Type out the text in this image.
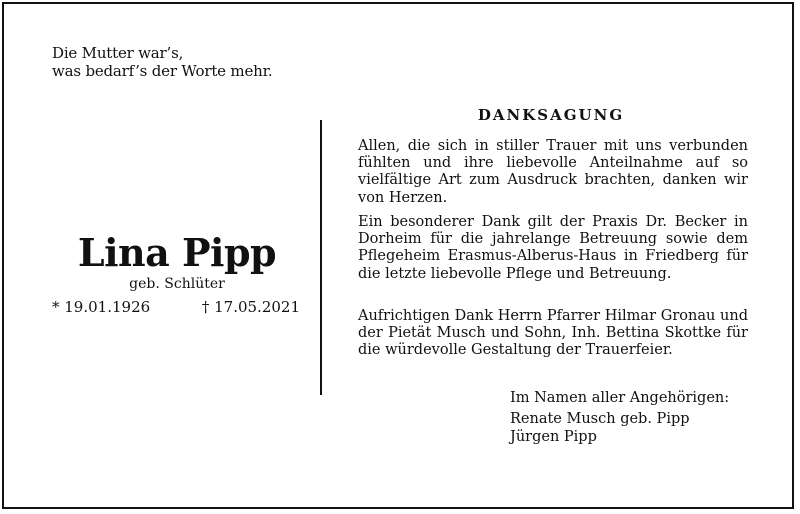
Die Mutter war’s,
was bedarf’s der Worte mehr.
Lina Pipp
geb. Schlüter
* 19.01.1926	† 17.05.2021
DANKSAGUNG

Allen, die sich in stiller Trauer mit uns verbunden fühlten und ihre liebevolle Anteilnahme auf so vielfältige Art zum Ausdruck brachten, danken wir von Herzen.

Ein besonderer Dank gilt der Praxis Dr. Becker in Dorheim für die jahrelange Betreuung sowie dem Pflegeheim Erasmus-Alberus-Haus in Friedberg für die letzte liebevolle Pflege und Betreuung.

Aufrichtigen Dank Herrn Pfarrer Hilmar Gronau und der Pietät Musch und Sohn, Inh. Bettina Skottke für die würdevolle Gestaltung der Trauerfeier.

Im Namen aller Angehörigen:
Renate Musch geb. Pipp
Jürgen Pipp
